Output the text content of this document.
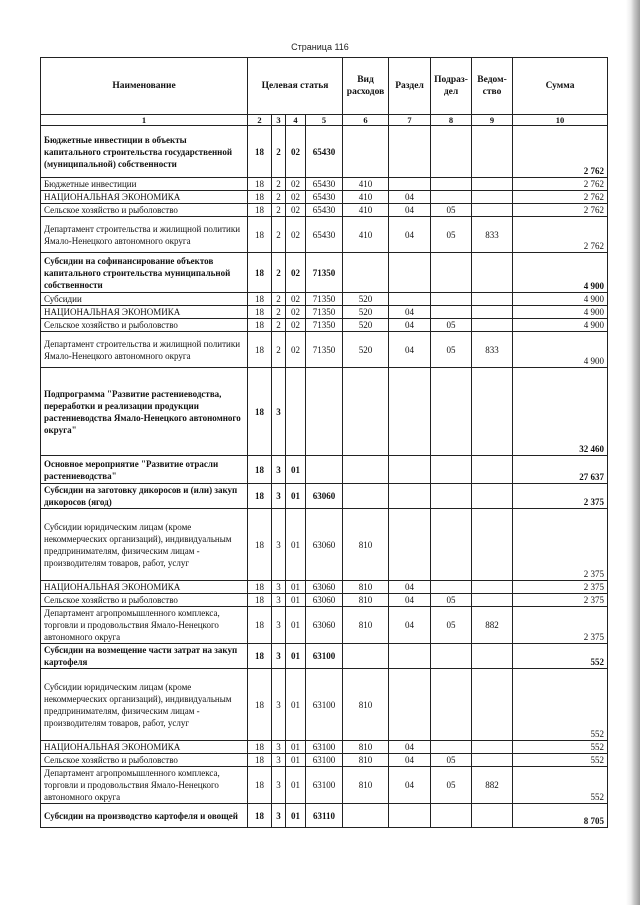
Страница 116
Наименование	Целевая статья				Вид расходов	Раздел	Подраз-дел	Ведом-ство	Сумма
1	2	3	4	5	6	7	8	9	10
Бюджетные инвестиции в объекты капитального строительства государственной (муниципальной) собственности	18	2	02	65430					2 762
Бюджетные инвестиции	18	2	02	65430	410				2 762
НАЦИОНАЛЬНАЯ ЭКОНОМИКА	18	2	02	65430	410	04			2 762
Сельское хозяйство и рыболовство	18	2	02	65430	410	04	05		2 762
Департамент строительства и жилищной политики Ямало-Ненецкого автономного округа	18	2	02	65430	410	04	05	833	2 762
Субсидии на софинансирование объектов капитального строительства муниципальной собственности	18	2	02	71350					4 900
Субсидии	18	2	02	71350	520				4 900
НАЦИОНАЛЬНАЯ ЭКОНОМИКА	18	2	02	71350	520	04			4 900
Сельское хозяйство и рыболовство	18	2	02	71350	520	04	05		4 900
Департамент строительства и жилищной политики Ямало-Ненецкого автономного округа	18	2	02	71350	520	04	05	833	4 900
Подпрограмма "Развитие растениеводства, переработки и реализации продукции растениеводства Ямало-Ненецкого автономного округа"	18	3							32 460
Основное мероприятие "Развитие отрасли растениеводства"	18	3	01						27 637
Субсидии на заготовку дикоросов и (или) закуп дикоросов (ягод)	18	3	01	63060					2 375
Субсидии юридическим лицам (кроме некоммерческих организаций), индивидуальным предпринимателям, физическим лицам - производителям товаров, работ, услуг	18	3	01	63060	810				2 375
НАЦИОНАЛЬНАЯ ЭКОНОМИКА	18	3	01	63060	810	04			2 375
Сельское хозяйство и рыболовство	18	3	01	63060	810	04	05		2 375
Департамент агропромышленного комплекса, торговли и продовольствия Ямало-Ненецкого автономного округа	18	3	01	63060	810	04	05	882	2 375
Субсидии на возмещение части затрат на закуп картофеля	18	3	01	63100					552
Субсидии юридическим лицам (кроме некоммерческих организаций), индивидуальным предпринимателям, физическим лицам - производителям товаров, работ, услуг	18	3	01	63100	810				552
НАЦИОНАЛЬНАЯ ЭКОНОМИКА	18	3	01	63100	810	04			552
Сельское хозяйство и рыболовство	18	3	01	63100	810	04	05		552
Департамент агропромышленного комплекса, торговли и продовольствия Ямало-Ненецкого автономного округа	18	3	01	63100	810	04	05	882	552
Субсидии на производство картофеля и овощей	18	3	01	63110					8 705
